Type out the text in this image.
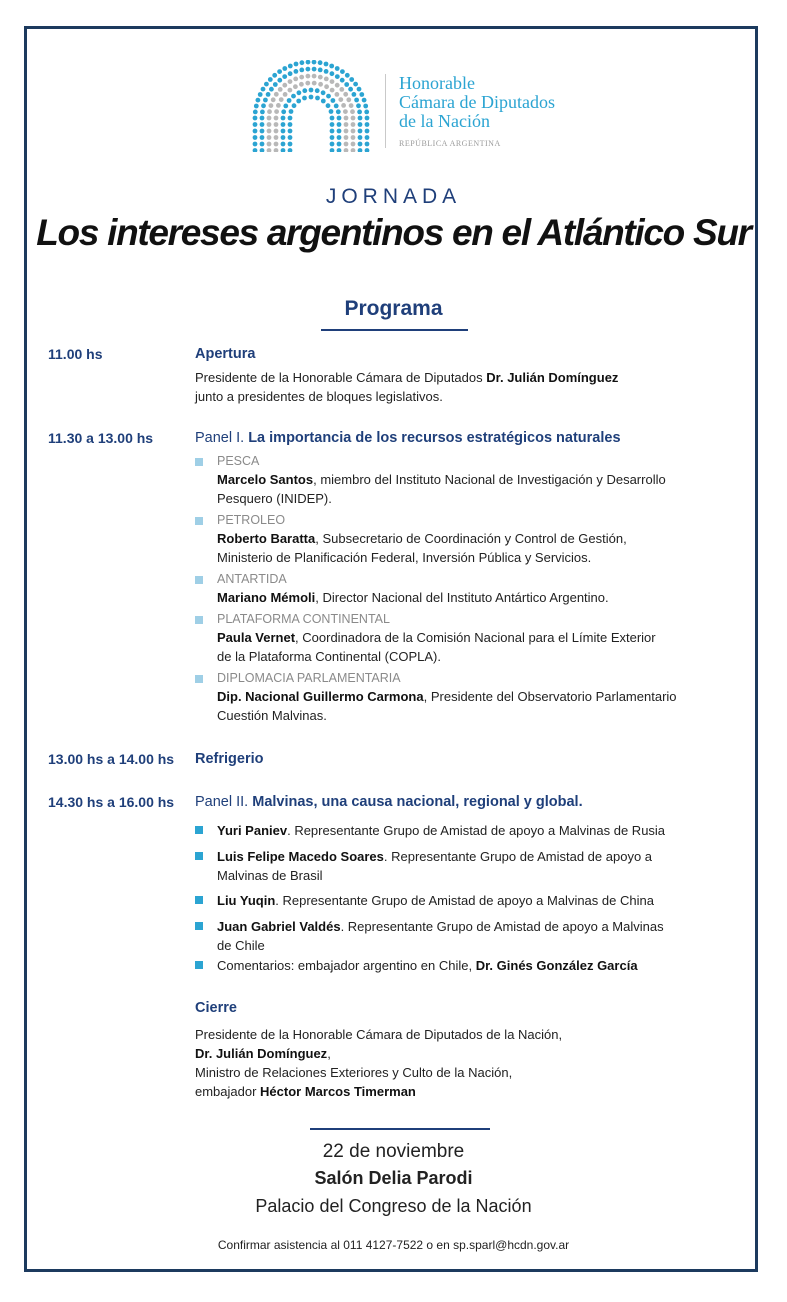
Honorable
Cámara de Diputados
de la Nación
REPÚBLICA ARGENTINA
JORNADA
Los intereses argentinos en el Atlántico Sur
Programa
11.00 hs	Apertura
Presidente de la Honorable Cámara de Diputados Dr. Julián Domínguez
junto a presidentes de bloques legislativos.
11.30 a 13.00 hs	Panel I. La importancia de los recursos estratégicos naturales
PESCA
Marcelo Santos, miembro del Instituto Nacional de Investigación y Desarrollo
Pesquero (INIDEP).
PETROLEO
Roberto Baratta, Subsecretario de Coordinación y Control de Gestión,
Ministerio de Planificación Federal, Inversión Pública y Servicios.
ANTARTIDA
Mariano Mémoli, Director Nacional del Instituto Antártico Argentino.
PLATAFORMA CONTINENTAL
Paula Vernet, Coordinadora de la Comisión Nacional para el Límite Exterior
de la Plataforma Continental (COPLA).
DIPLOMACIA PARLAMENTARIA
Dip. Nacional Guillermo Carmona, Presidente del Observatorio Parlamentario
Cuestión Malvinas.
13.00 hs a 14.00 hs Refrigerio
14.30 hs a 16.00 hs Panel II. Malvinas, una causa nacional, regional y global.
Yuri Paniev. Representante Grupo de Amistad de apoyo a Malvinas de Rusia
Luis Felipe Macedo Soares. Representante Grupo de Amistad de apoyo a
Malvinas de Brasil
Liu Yuqin. Representante Grupo de Amistad de apoyo a Malvinas de China
Juan Gabriel Valdés. Representante Grupo de Amistad de apoyo a Malvinas
de Chile
Comentarios: embajador argentino en Chile, Dr. Ginés González García
Cierre
Presidente de la Honorable Cámara de Diputados de la Nación,
Dr. Julián Domínguez,
Ministro de Relaciones Exteriores y Culto de la Nación,
embajador Héctor Marcos Timerman
22 de noviembre
Salón Delia Parodi
Palacio del Congreso de la Nación
Confirmar asistencia al 011 4127-7522 o en sp.sparl@hcdn.gov.ar
